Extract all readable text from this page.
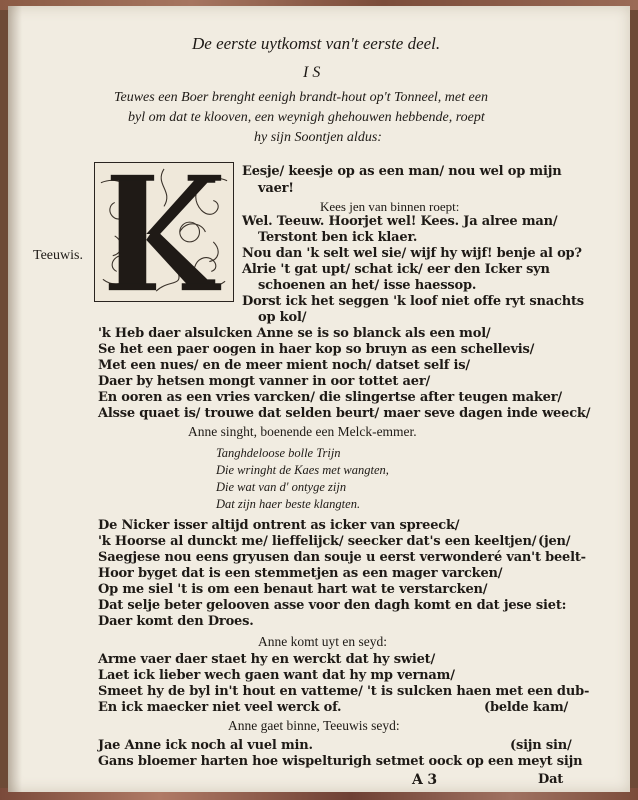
De eerste uytkomst van't eerste deel.
I S
Teuwes een Boer brenght eenigh brandt-hout op't Tonneel, met een
byl om dat te klooven, een weynigh ghehouwen hebbende, roept
hy sijn Soontjen aldus:
Teeuwis.
Eesje/ keesje op as een man/ nou wel op mijn
vaer!
Kees jen van binnen roept:
Wel. Teeuw. Hoorjet wel! Kees. Ja alree man/
Terstont ben ick klaer.
Nou dan 'k selt wel sie/ wijf hy wijf! benje al op?
Alrie 't gat upt/ schat ick/ eer den Icker syn
schoenen an het/ isse haessop.
Dorst ick het seggen 'k loof niet offe ryt snachts
op kol/
'k Heb daer alsulcken Anne se is so blanck als een mol/
Se het een paer oogen in haer kop so bruyn as een schellevis/
Met een nues/ en de meer mient noch/ datset self is/
Daer by hetsen mongt vanner in oor tottet aer/
En ooren as een vries varcken/ die slingertse after teugen maker/
Alsse quaet is/ trouwe dat selden beurt/ maer seve dagen inde weeck/
Anne singht, boenende een Melck-emmer.
Tanghdeloose bolle Trijn
Die wringht de Kaes met wangten,
Die wat van d' ontyge zijn
Dat zijn haer beste klangten.
De Nicker isser altijd ontrent as icker van spreeck/
'k Hoorse al dunckt me/ lieffelijck/ seecker dat's een keeltjen/ (jen/
Saegjese nou eens gryusen dan souje u eerst verwonderé van't beelt-
Hoor byget dat is een stemmetjen as een mager varcken/
Op me siel 't is om een benaut hart wat te verstarcken/
Dat selje beter gelooven asse voor den dagh komt en dat jese siet:
Daer komt den Droes.
Anne komt uyt en seyd:
Arme vaer daer staet hy en werckt dat hy swiet/
Laet ick lieber wech gaen want dat hy mp vernam/
Smeet hy de byl in't hout en vatteme/ 't is sulcken haen met een dub-
En ick maecker niet veel werck of.	(belde kam/
Anne gaet binne, Teeuwis seyd:
Jae Anne ick noch al vuel min.	(sijn sin/
Gans bloemer harten hoe wispelturigh setmet oock op een meyt sijn
A 3	Dat
